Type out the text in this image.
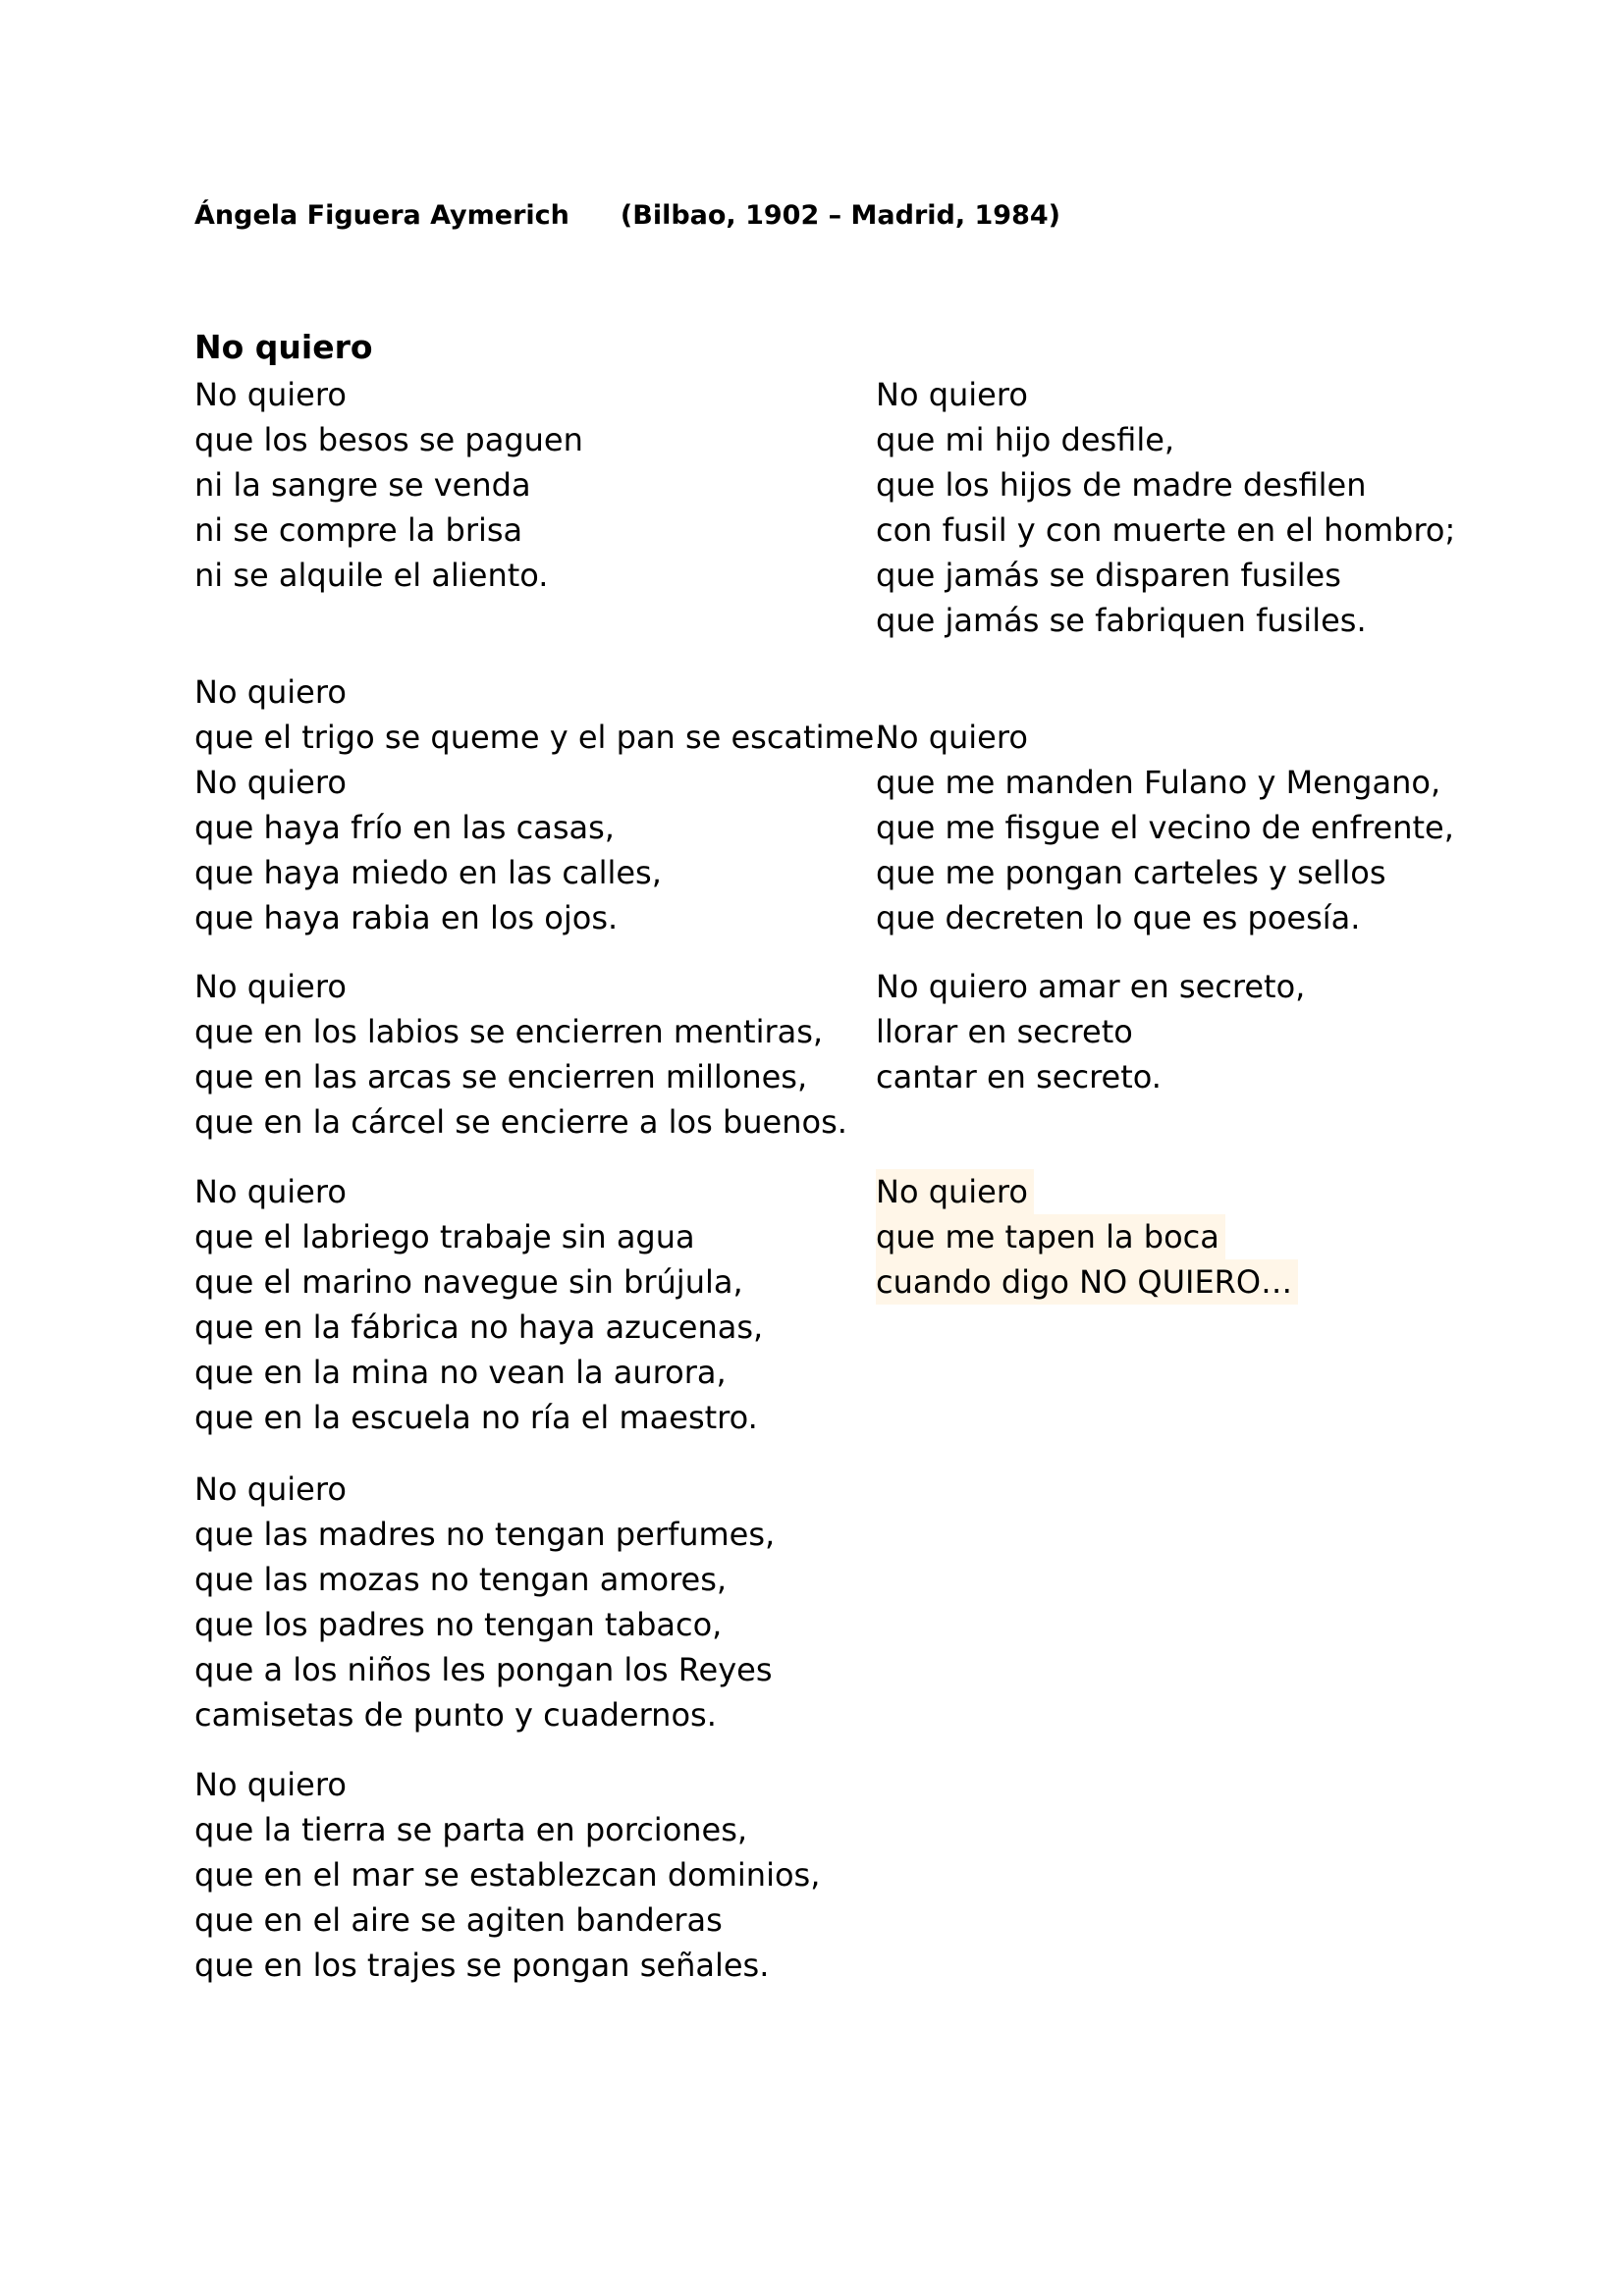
Ángela Figuera Aymerich (Bilbao, 1902 – Madrid, 1984)
No quiero
No quiero
que los besos se paguen
ni la sangre se venda
ni se compre la brisa
ni se alquile el aliento.
No quiero
que el trigo se queme y el pan se escatime.
No quiero
que haya frío en las casas,
que haya miedo en las calles,
que haya rabia en los ojos.
No quiero
que en los labios se encierren mentiras,
que en las arcas se encierren millones,
que en la cárcel se encierre a los buenos.
No quiero
que el labriego trabaje sin agua
que el marino navegue sin brújula,
que en la fábrica no haya azucenas,
que en la mina no vean la aurora,
que en la escuela no ría el maestro.
No quiero
que las madres no tengan perfumes,
que las mozas no tengan amores,
que los padres no tengan tabaco,
que a los niños les pongan los Reyes
camisetas de punto y cuadernos.
No quiero
que la tierra se parta en porciones,
que en el mar se establezcan dominios,
que en el aire se agiten banderas
que en los trajes se pongan señales.
No quiero
que mi hijo desfile,
que los hijos de madre desfilen
con fusil y con muerte en el hombro;
que jamás se disparen fusiles
que jamás se fabriquen fusiles.
No quiero
que me manden Fulano y Mengano,
que me fisgue el vecino de enfrente,
que me pongan carteles y sellos
que decreten lo que es poesía.
No quiero amar en secreto,
llorar en secreto
cantar en secreto.
No quiero
que me tapen la boca
cuando digo NO QUIERO…
